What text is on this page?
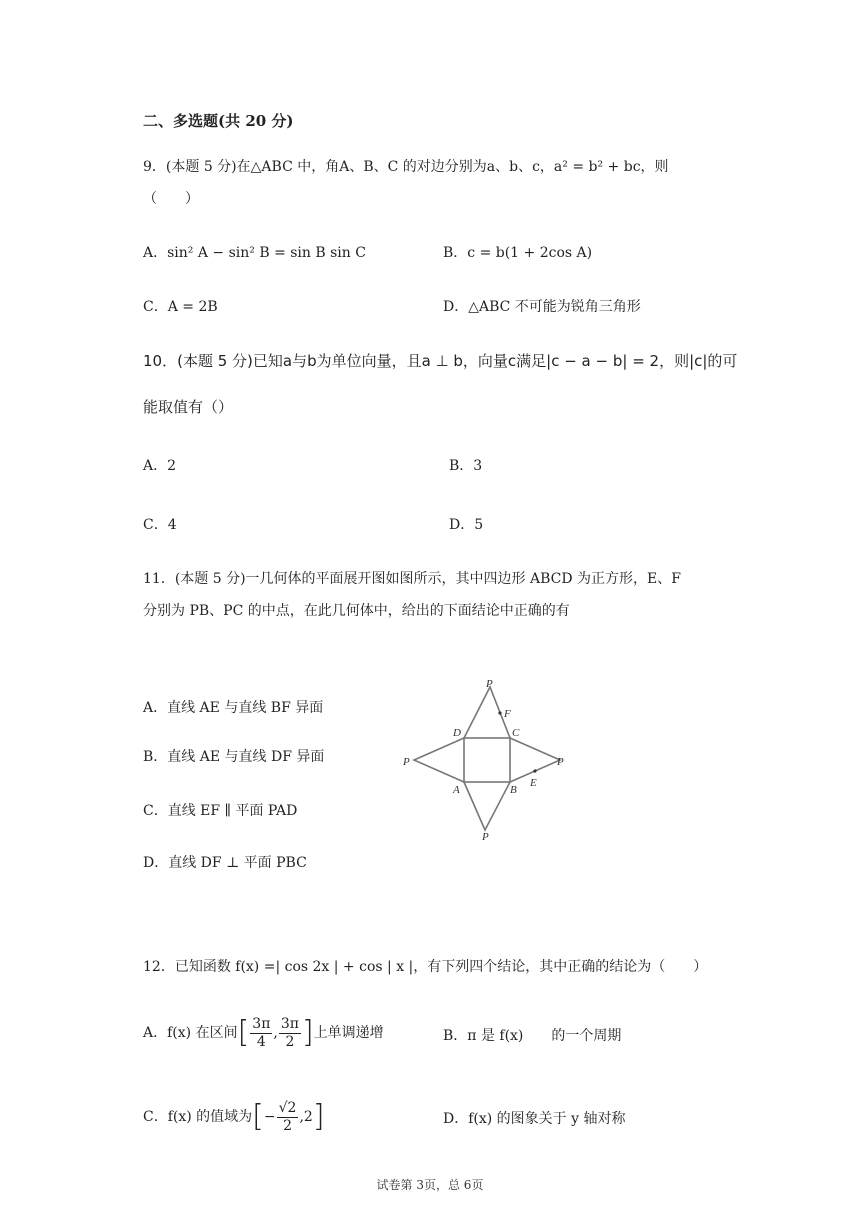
二、多选题(共 20 分)
9．(本题 5 分)在△ABC 中，角A、B、C 的对边分别为a、b、c，a² = b² + bc，则
（　　）
A．sin² A − sin² B = sin B sin C	B．c = b(1 + 2cos A)
C．A = 2B	D．△ABC 不可能为锐角三角形
10．(本题 5 分)已知a与b为单位向量，且a ⊥ b，向量c满足|c − a − b| = 2，则|c|的可
能取值有（）
A．2	B．3
C．4	D．5
11．(本题 5 分)一几何体的平面展开图如图所示，其中四边形 ABCD 为正方形，E、F
分别为 PB、PC 的中点，在此几何体中，给出的下面结论中正确的有
A．直线 AE 与直线 BF 异面
B．直线 AE 与直线 DF 异面
C．直线 EF ∥ 平面 PAD
D．直线 DF ⊥ 平面 PBC
P
P	P
P
D	C
A	B
F
E
12．已知函数 f(x) =| cos 2x | + cos | x |，有下列四个结论，其中正确的结论为（　　）
A．f(x) 在区间[ $\frac{3\pi}{4}$ , $\frac{3\pi}{2}$ ]上单调递增	B．π 是 f(x)　　的一个周期
C．f(x) 的值域为[− $\frac{√2}{2} ,2$]	D．f(x) 的图象关于 y 轴对称
试卷第 3页，总 6页
